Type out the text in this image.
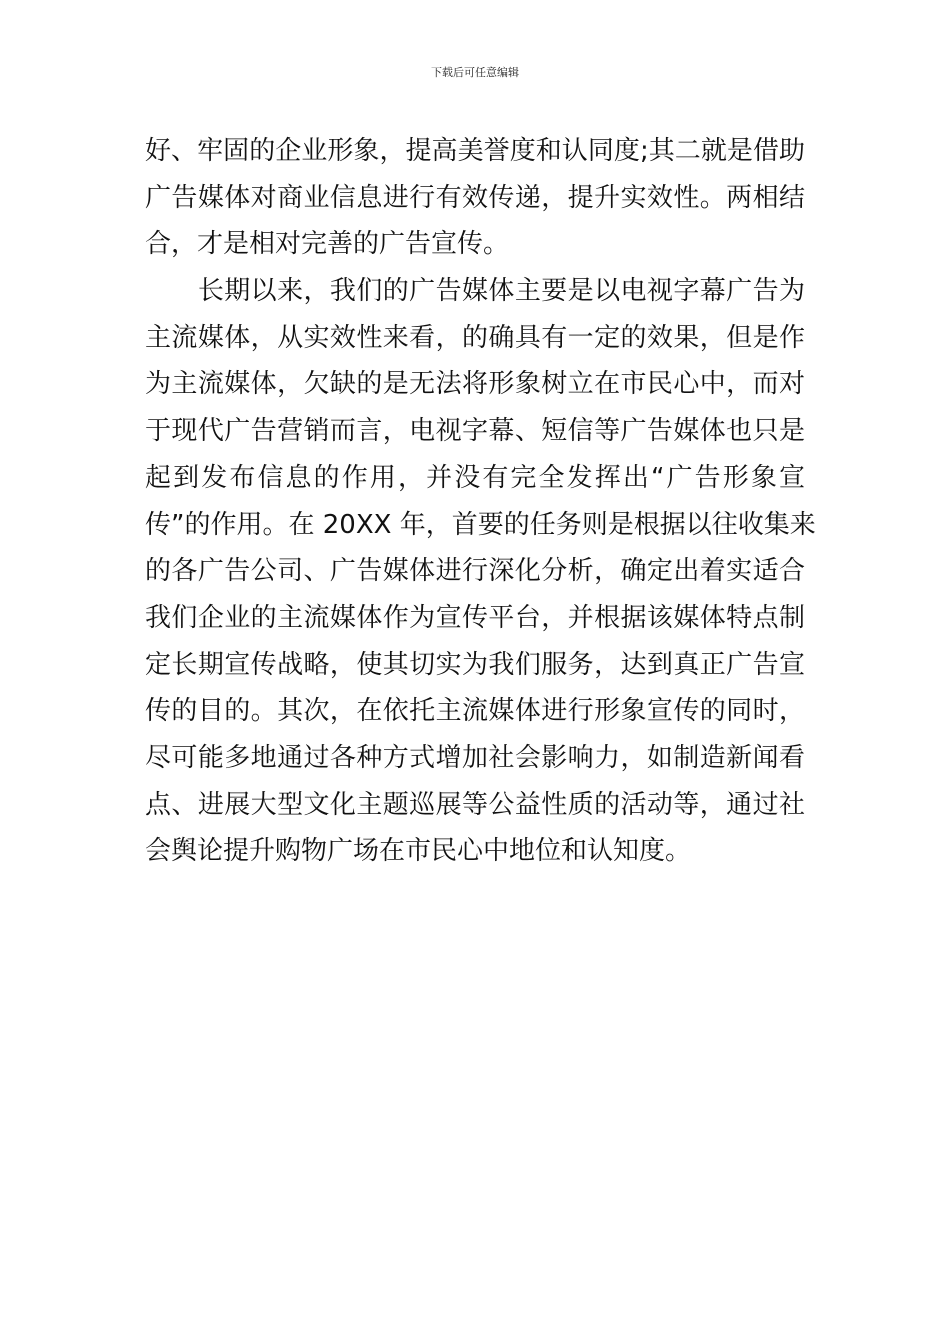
下载后可任意编辑
好、牢固的企业形象，提高美誉度和认同度;其二就是借助
广告媒体对商业信息进行有效传递，提升实效性。两相结
合，才是相对完善的广告宣传。
　　长期以来，我们的广告媒体主要是以电视字幕广告为
主流媒体，从实效性来看，的确具有一定的效果，但是作
为主流媒体，欠缺的是无法将形象树立在市民心中，而对
于现代广告营销而言，电视字幕、短信等广告媒体也只是
起到发布信息的作用，并没有完全发挥出“广告形象宣
传”的作用。在 20XX 年，首要的任务则是根据以往收集来
的各广告公司、广告媒体进行深化分析，确定出着实适合
我们企业的主流媒体作为宣传平台，并根据该媒体特点制
定长期宣传战略，使其切实为我们服务，达到真正广告宣
传的目的。其次，在依托主流媒体进行形象宣传的同时，
尽可能多地通过各种方式增加社会影响力，如制造新闻看
点、进展大型文化主题巡展等公益性质的活动等，通过社
会舆论提升购物广场在市民心中地位和认知度。
